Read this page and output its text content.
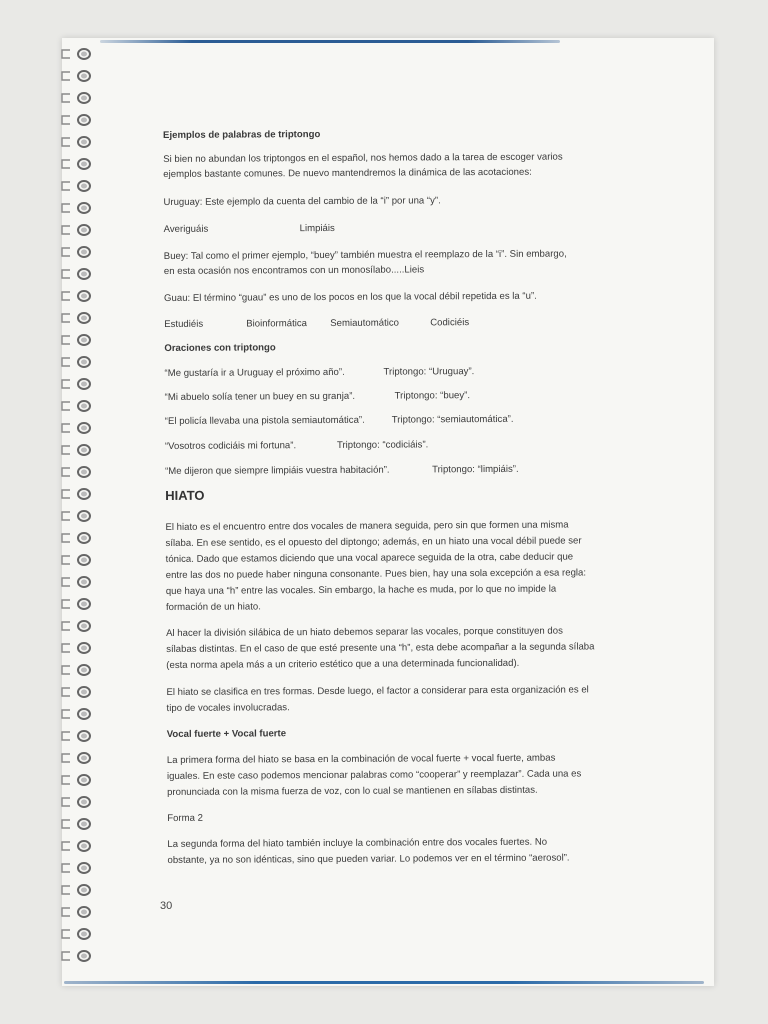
Ejemplos de palabras de triptongo

Si bien no abundan los triptongos en el español, nos hemos dado a la tarea de escoger varios

ejemplos bastante comunes. De nuevo mantendremos la dinámica de las acotaciones:

Uruguay: Este ejemplo da cuenta del cambio de la “i” por una “y”.

Averiguáis	Limpiáis

Buey: Tal como el primer ejemplo, “buey” también muestra el reemplazo de la “i”. Sin embargo,

en esta ocasión nos encontramos con un monosílabo.....Lieis

Guau: El término “guau” es uno de los pocos en los que la vocal débil repetida es la “u”.

Estudiéis	Bioinformática Semiautomático	Codiciéis

Oraciones con triptongo

“Me gustaría ir a Uruguay el próximo año”.	Triptongo: “Uruguay”.

“Mi abuelo solía tener un buey en su granja”.	Triptongo: “buey”.

“El policía llevaba una pistola semiautomática”.	Triptongo: “semiautomática”.

“Vosotros codiciáis mi fortuna”.	Triptongo: “codiciáis”.

“Me dijeron que siempre limpiáis vuestra habitación”.	Triptongo: “limpiáis”.

HIATO

El hiato es el encuentro entre dos vocales de manera seguida, pero sin que formen una misma

sílaba. En ese sentido, es el opuesto del diptongo; además, en un hiato una vocal débil puede ser

tónica. Dado que estamos diciendo que una vocal aparece seguida de la otra, cabe deducir que

entre las dos no puede haber ninguna consonante. Pues bien, hay una sola excepción a esa regla:

que haya una “h” entre las vocales. Sin embargo, la hache es muda, por lo que no impide la

formación de un hiato.

Al hacer la división silábica de un hiato debemos separar las vocales, porque constituyen dos

sílabas distintas. En el caso de que esté presente una “h”, esta debe acompañar a la segunda sílaba

(esta norma apela más a un criterio estético que a una determinada funcionalidad).

El hiato se clasifica en tres formas. Desde luego, el factor a considerar para esta organización es el

tipo de vocales involucradas.

Vocal fuerte + Vocal fuerte

La primera forma del hiato se basa en la combinación de vocal fuerte + vocal fuerte, ambas

iguales. En este caso podemos mencionar palabras como “cooperar” y reemplazar”. Cada una es

pronunciada con la misma fuerza de voz, con lo cual se mantienen en sílabas distintas.

Forma 2

La segunda forma del hiato también incluye la combinación entre dos vocales fuertes. No

obstante, ya no son idénticas, sino que pueden variar. Lo podemos ver en el término “aerosol”.

30
